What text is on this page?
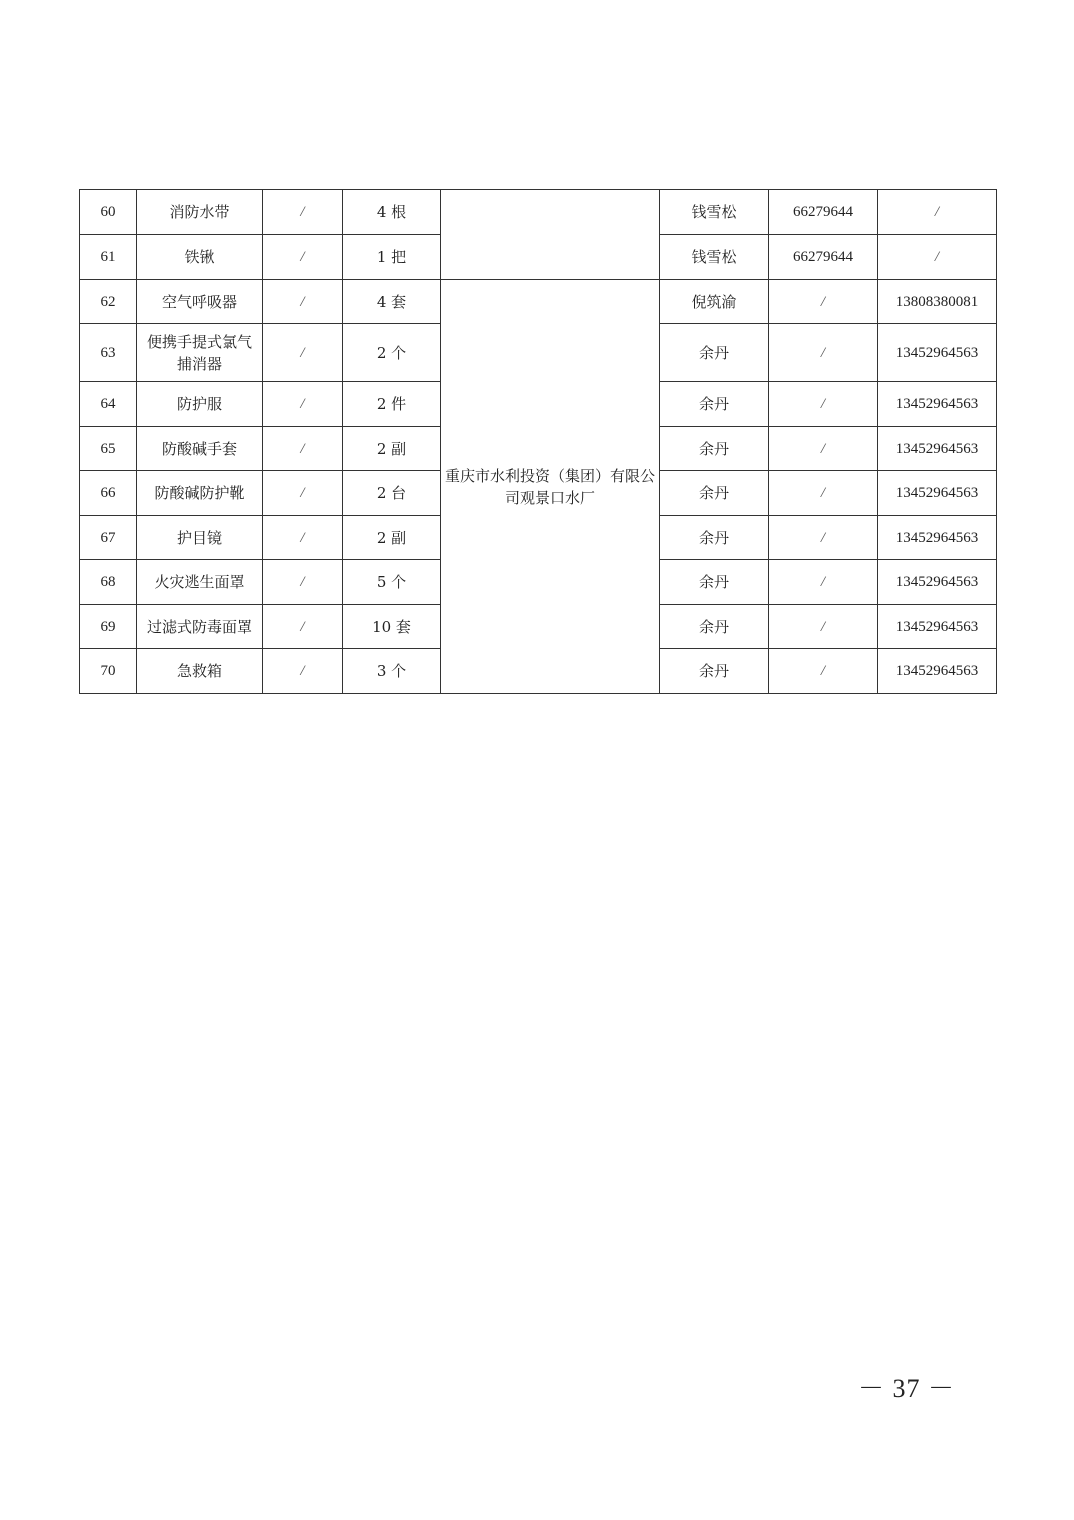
60	消防水带	/	4 根		钱雪松	66279644	/
61	铁锹	/	1 把		钱雪松	66279644	/
62	空气呼吸器	/	4 套	重庆市水利投资（集团）有限公司观景口水厂	倪筑渝	/	13808380081
63	便携手提式氯气捕消器	/	2 个		余丹	/	13452964563
64	防护服	/	2 件		余丹	/	13452964563
65	防酸碱手套	/	2 副		余丹	/	13452964563
66	防酸碱防护靴	/	2 台		余丹	/	13452964563
67	护目镜	/	2 副		余丹	/	13452964563
68	火灾逃生面罩	/	5 个		余丹	/	13452964563
69	过滤式防毒面罩	/	10 套		余丹	/	13452964563
70	急救箱	/	3 个		余丹	/	13452964563
－ 37 －
